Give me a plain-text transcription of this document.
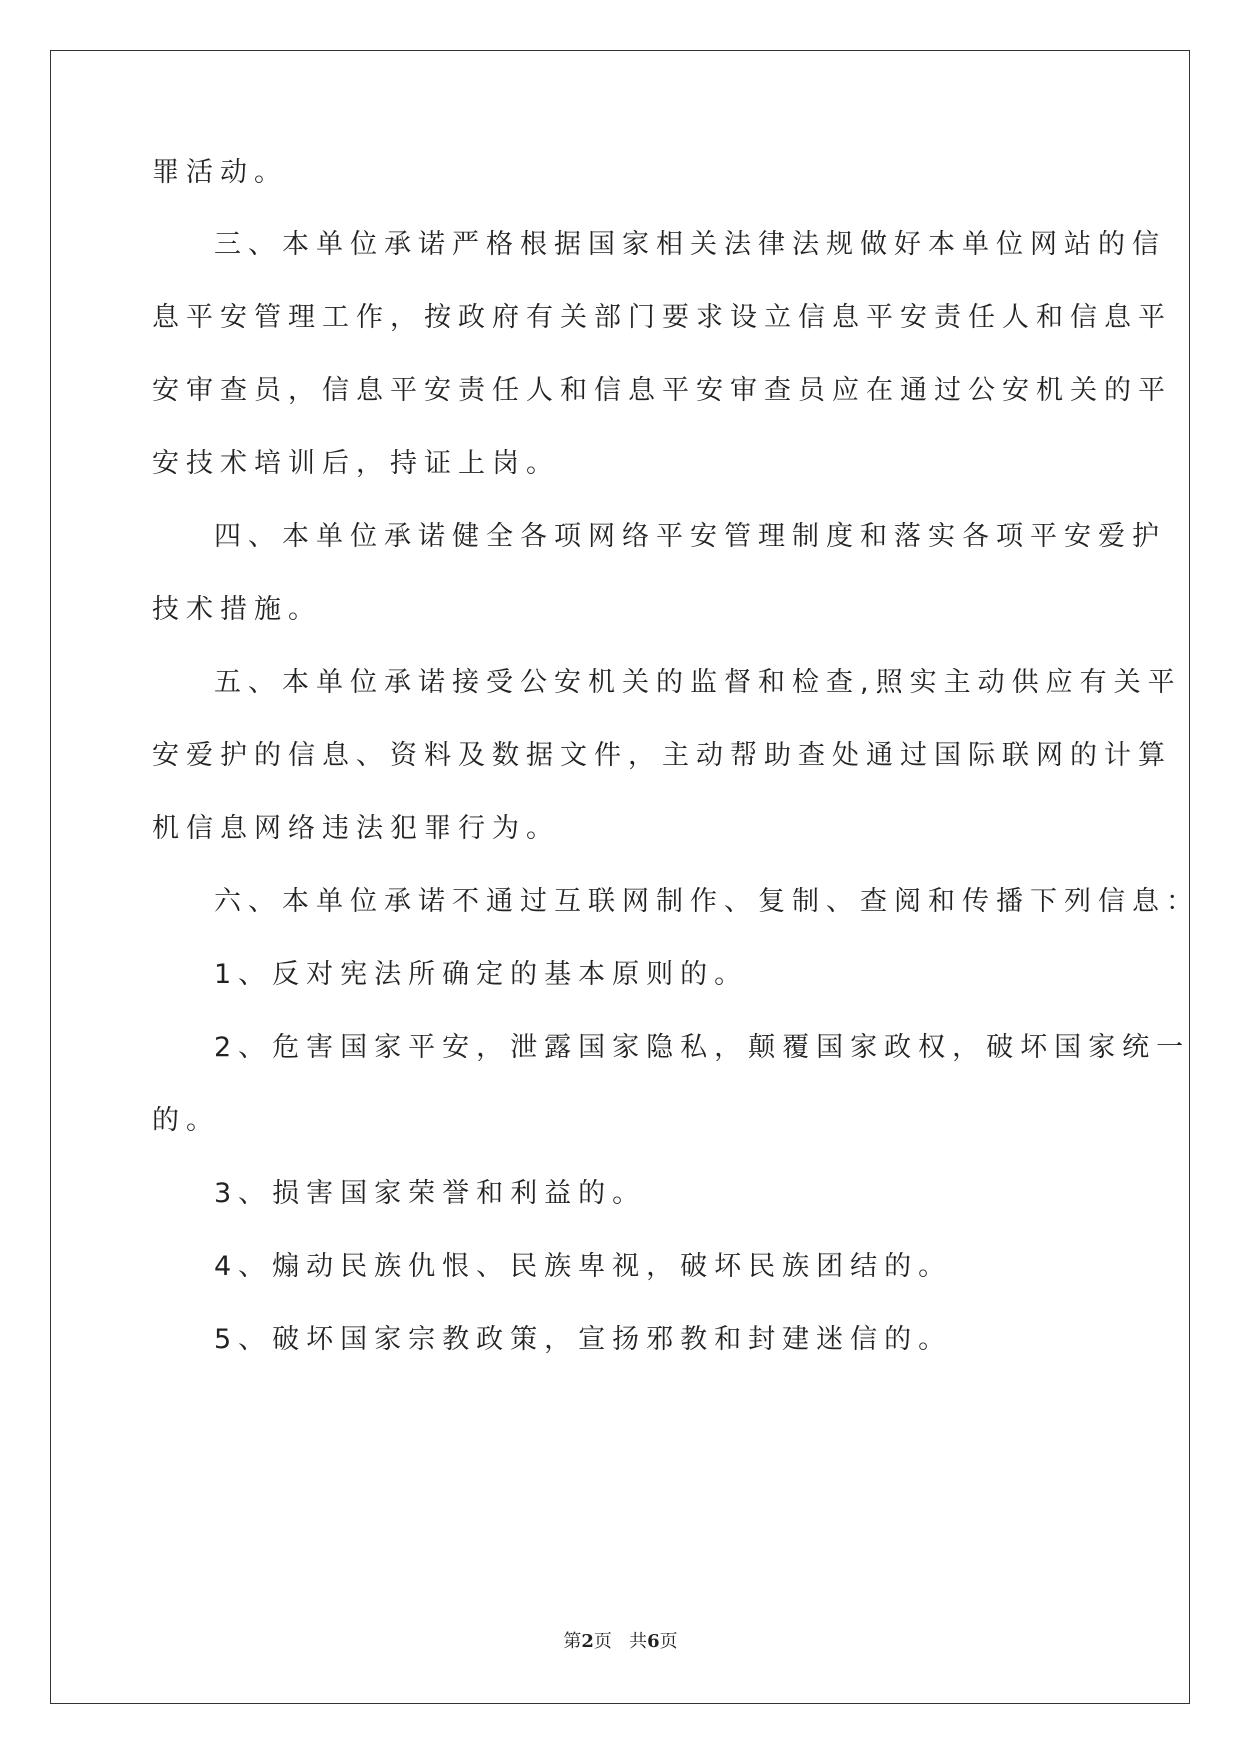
罪活动。
三、本单位承诺严格根据国家相关法律法规做好本单位网站的信
息平安管理工作，按政府有关部门要求设立信息平安责任人和信息平
安审查员，信息平安责任人和信息平安审查员应在通过公安机关的平
安技术培训后，持证上岗。
四、本单位承诺健全各项网络平安管理制度和落实各项平安爱护
技术措施。
五、本单位承诺接受公安机关的监督和检查,照实主动供应有关平
安爱护的信息、资料及数据文件，主动帮助查处通过国际联网的计算
机信息网络违法犯罪行为。
六、本单位承诺不通过互联网制作、复制、查阅和传播下列信息：
1、反对宪法所确定的基本原则的。
2、危害国家平安，泄露国家隐私，颠覆国家政权，破坏国家统一
的。
3、损害国家荣誉和利益的。
4、煽动民族仇恨、民族卑视，破坏民族团结的。
5、破坏国家宗教政策，宣扬邪教和封建迷信的。
第2页 共6页
